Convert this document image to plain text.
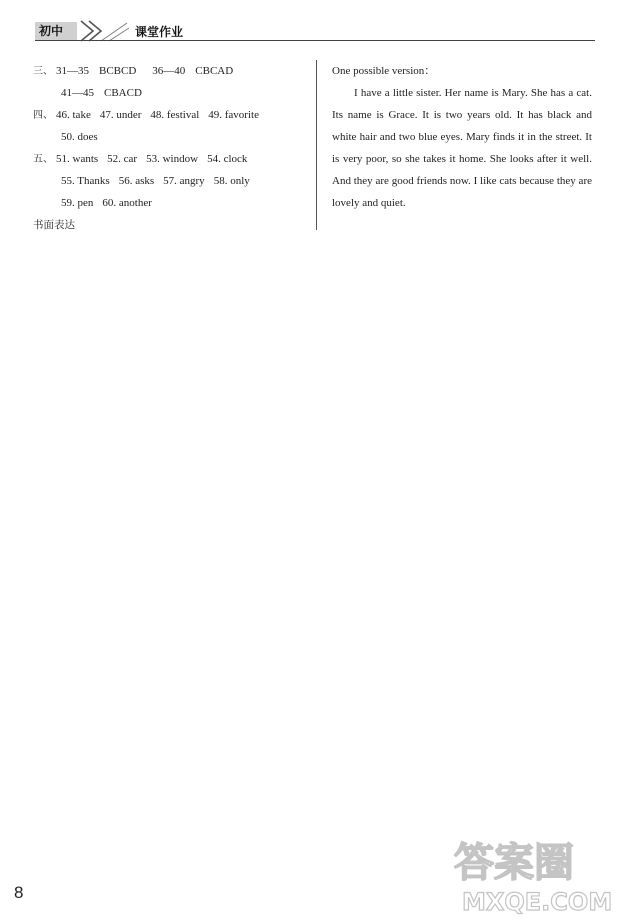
初中	课堂作业
三、 31—35 BCBCD 36—40 CBCAD
41—45 CBACD
四、 46. take 47. under 48. festival 49. favorite
50. does
五、 51. wants 52. car 53. window 54. clock
55. Thanks 56. asks 57. angry 58. only
59. pen 60. another
书面表达
One possible version：

I have a little sister. Her name is Mary. She has a cat. Its name is Grace. It is two years old. It has black and white hair and two blue eyes. Mary finds it in the street. It is very poor, so she takes it home. She looks after it well. And they are good friends now. I like cats because they are lovely and quiet.

8
答案圈
MXQE.COM
